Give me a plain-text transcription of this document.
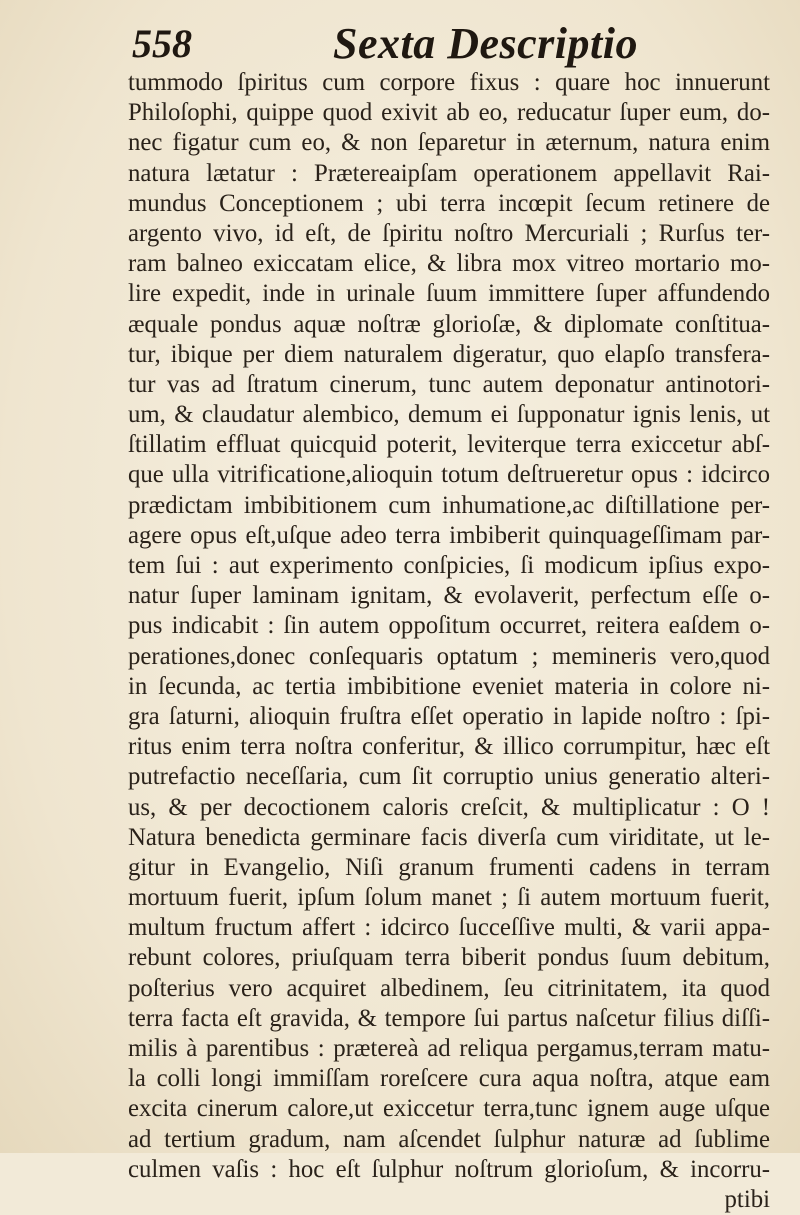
558	Sexta Descriptio
tummodo ſpiritus cum corpore fixus : quare hoc innuerunt
Philoſophi, quippe quod exivit ab eo, reducatur ſuper eum, do-
nec figatur cum eo, & non ſeparetur in æternum, natura enim
natura lætatur : Prætereaipſam operationem appellavit Rai-
mundus Conceptionem ; ubi terra incœpit ſecum retinere de
argento vivo, id eſt, de ſpiritu noſtro Mercuriali ; Rurſus ter-
ram balneo exiccatam elice, & libra mox vitreo mortario mo-
lire expedit, inde in urinale ſuum immittere ſuper affundendo
æquale pondus aquæ noſtræ glorioſæ, & diplomate conſtitua-
tur, ibique per diem naturalem digeratur, quo elapſo transfera-
tur vas ad ſtratum cinerum, tunc autem deponatur antinotori-
um, & claudatur alembico, demum ei ſupponatur ignis lenis, ut
ſtillatim effluat quicquid poterit, leviterque terra exiccetur abſ-
que ulla vitrificatione,alioquin totum deſtrueretur opus : idcirco
prædictam imbibitionem cum inhumatione,ac diſtillatione per-
agere opus eſt,uſque adeo terra imbiberit quinquageſſimam par-
tem ſui : aut experimento conſpicies, ſi modicum ipſius expo-
natur ſuper laminam ignitam, & evolaverit, perfectum eſſe o-
pus indicabit : ſin autem oppoſitum occurret, reitera eaſdem o-
perationes,donec conſequaris optatum ; memineris vero,quod
in ſecunda, ac tertia imbibitione eveniet materia in colore ni-
gra ſaturni, alioquin fruſtra eſſet operatio in lapide noſtro : ſpi-
ritus enim terra noſtra conferitur, & illico corrumpitur, hæc eſt
putrefactio neceſſaria, cum ſit corruptio unius generatio alteri-
us, & per decoctionem caloris creſcit, & multiplicatur : O !
Natura benedicta germinare facis diverſa cum viriditate, ut le-
gitur in Evangelio, Niſi granum frumenti cadens in terram
mortuum fuerit, ipſum ſolum manet ; ſi autem mortuum fuerit,
multum fructum affert : idcirco ſucceſſive multi, & varii appa-
rebunt colores, priuſquam terra biberit pondus ſuum debitum,
poſterius vero acquiret albedinem, ſeu citrinitatem, ita quod
terra facta eſt gravida, & tempore ſui partus naſcetur filius diſſi-
milis à parentibus : prætereà ad reliqua pergamus,terram matu-
la colli longi immiſſam roreſcere cura aqua noſtra, atque eam
excita cinerum calore,ut exiccetur terra,tunc ignem auge uſque
ad tertium gradum, nam aſcendet ſulphur naturæ ad ſublime
culmen vaſis : hoc eſt ſulphur noſtrum glorioſum, & incorru-
ptibi
